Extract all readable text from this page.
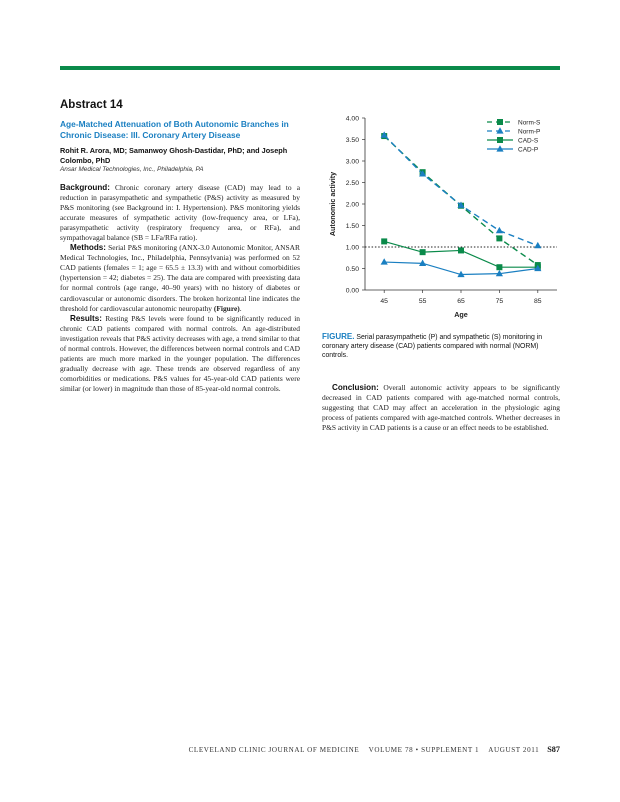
Abstract 14
Age-Matched Attenuation of Both Autonomic Branches in Chronic Disease: III. Coronary Artery Disease
Rohit R. Arora, MD; Samanwoy Ghosh-Dastidar, PhD; and Joseph Colombo, PhD
Ansar Medical Technologies, Inc., Philadelphia, PA

Background: Chronic coronary artery disease (CAD) may lead to a reduction in parasympathetic and sympathetic (P&S) activity as measured by P&S monitoring (see Background in: I. Hypertension). P&S monitoring yields accurate measures of sympathetic activity (low-frequency area, or LFa), parasympathetic activity (respiratory frequency area, or RFa), and sympathovagal balance (SB = LFa/RFa ratio).

Methods: Serial P&S monitoring (ANX-3.0 Autonomic Monitor, ANSAR Medical Technologies, Inc., Philadelphia, Pennsylvania) was performed on 52 CAD patients (females = 1; age = 65.5 ± 13.3) with and without comorbidities (hypertension = 42; diabetes = 25). The data are compared with preexisting data for normal controls (age range, 40–90 years) with no history of diabetes or cardiovascular or autonomic disorders. The broken horizontal line indicates the threshold for cardiovascular autonomic neuropathy (Figure).

Results: Resting P&S levels were found to be significantly reduced in chronic CAD patients compared with normal controls. An age-distributed investigation reveals that P&S activity decreases with age, a trend similar to that of normal controls. However, the differences between normal controls and CAD patients are much more marked in the younger population. The differences gradually decrease with age. These trends are observed regardless of any comorbidities or medications. P&S values for 45-year-old CAD patients were similar (or lower) in magnitude than those of 85-year-old normal controls.

0.00
0.50
1.00
1.50
2.00
2.50
3.00
3.50
4.00
45	55	65	75	85
Age
Autonomic activity
Norm-S
Norm-P
CAD-S
CAD-P
FIGURE. Serial parasympathetic (P) and sympathetic (S) monitoring in coronary artery disease (CAD) patients compared with normal (NORM) controls.

Conclusion: Overall autonomic activity appears to be significantly decreased in CAD patients compared with age-matched normal controls, suggesting that CAD may affect an acceleration in the physiologic aging process of patients compared with age-matched controls. Whether decreases in P&S activity in CAD patients is a cause or an effect needs to be established.

CLEVELAND CLINIC JOURNAL OF MEDICINE    VOLUME 78 • SUPPLEMENT 1    AUGUST 2011 S87
